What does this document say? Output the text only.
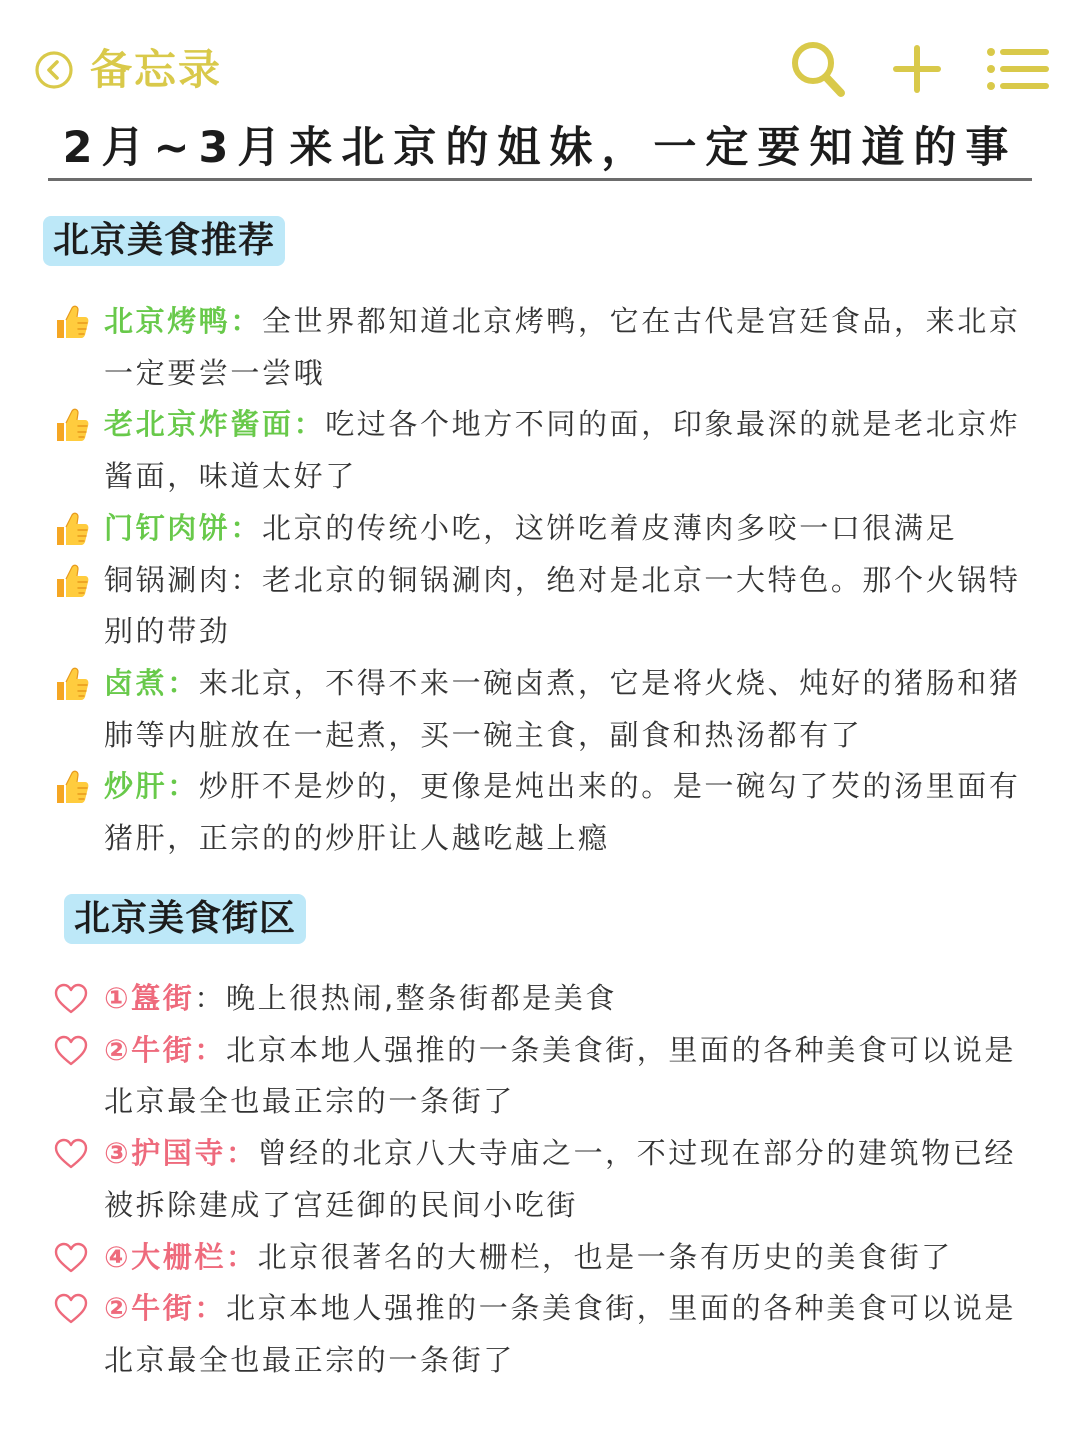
备忘录
2月~3月来北京的姐妹，一定要知道的事
北京美食推荐
北京烤鸭：全世界都知道北京烤鸭，它在古代是宫廷食品，来北京一定要尝一尝哦
老北京炸酱面：吃过各个地方不同的面，印象最深的就是老北京炸酱面，味道太好了
门钉肉饼：北京的传统小吃，这饼吃着皮薄肉多咬一口很满足
铜锅涮肉：老北京的铜锅涮肉，绝对是北京一大特色。那个火锅特别的带劲
卤煮：来北京，不得不来一碗卤煮，它是将火烧、炖好的猪肠和猪肺等内脏放在一起煮，买一碗主食，副食和热汤都有了
炒肝：炒肝不是炒的，更像是炖出来的。是一碗勾了芡的汤里面有猪肝，正宗的的炒肝让人越吃越上瘾
北京美食街区
①簋街：晚上很热闹,整条街都是美食
②牛街：北京本地人强推的一条美食街，里面的各种美食可以说是北京最全也最正宗的一条街了
③护国寺：曾经的北京八大寺庙之一，不过现在部分的建筑物已经被拆除建成了宫廷御的民间小吃街
④大栅栏：北京很著名的大栅栏，也是一条有历史的美食街了
②牛街：北京本地人强推的一条美食街，里面的各种美食可以说是北京最全也最正宗的一条街了
